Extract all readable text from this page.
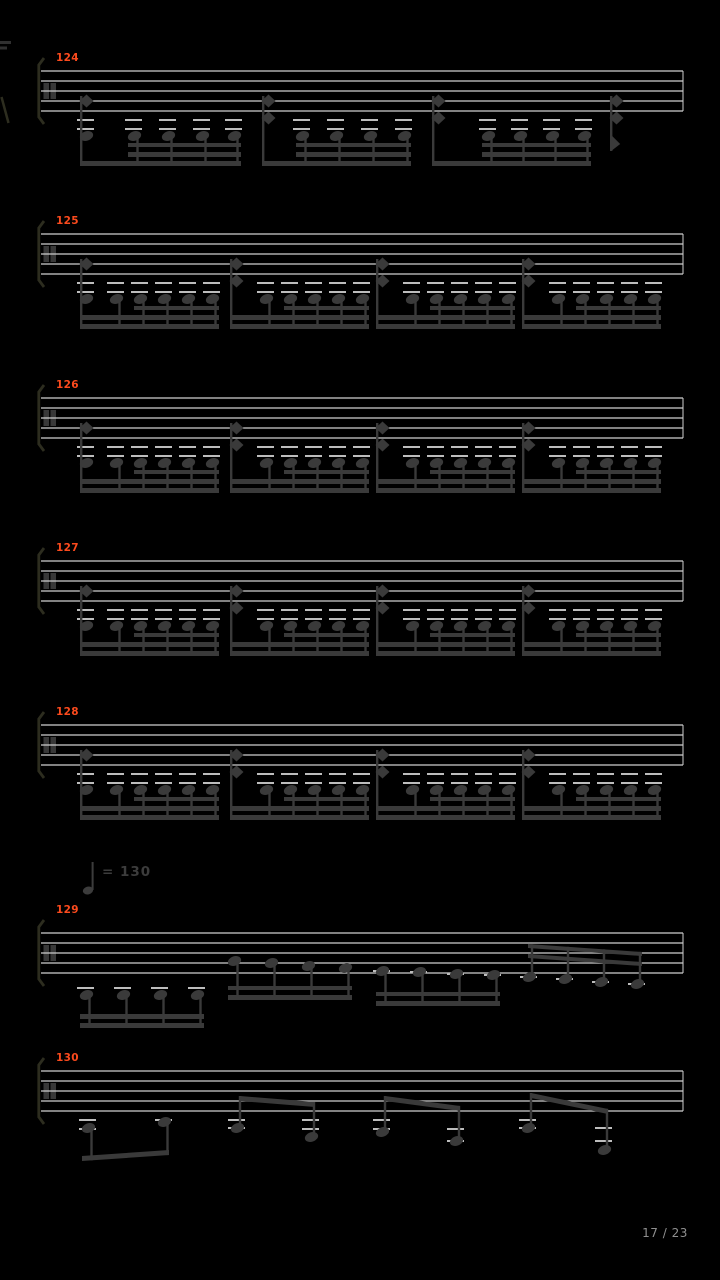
124
125
126
127
128
129
130
= 130
17 / 23
